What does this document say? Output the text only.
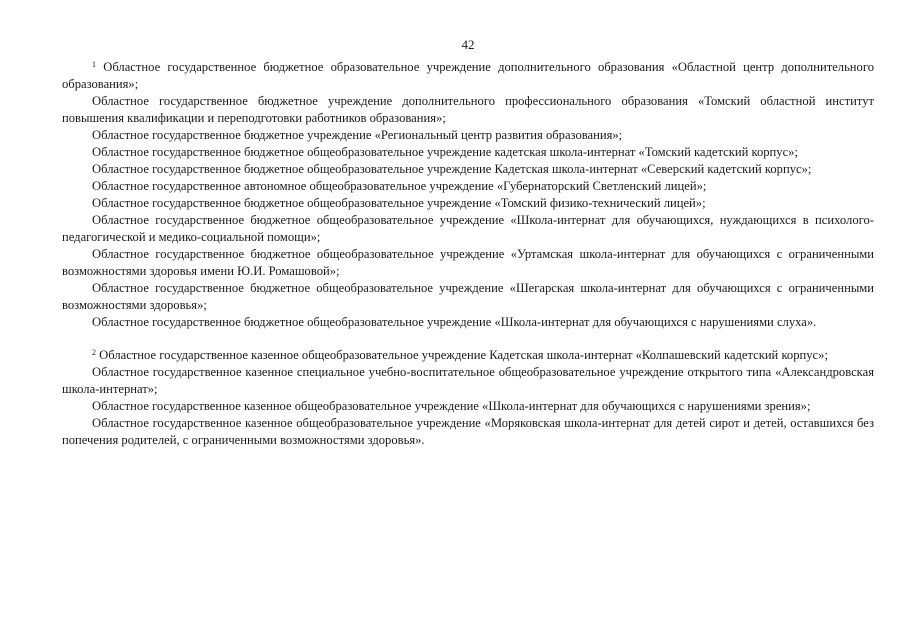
42

$^1$ Областное государственное бюджетное образовательное учреждение дополнительного образования «Областной центр дополнительного образования»;

Областное государственное бюджетное учреждение дополнительного профессионального образования «Томский областной институт повышения квалификации и переподготовки работников образования»;

Областное государственное бюджетное учреждение «Региональный центр развития образования»;

Областное государственное бюджетное общеобразовательное учреждение кадетская школа-интернат «Томский кадетский корпус»;

Областное государственное бюджетное общеобразовательное учреждение Кадетская школа-интернат «Северский кадетский корпус»;

Областное государственное автономное общеобразовательное учреждение «Губернаторский Светленский лицей»;

Областное государственное бюджетное общеобразовательное учреждение «Томский физико-технический лицей»;

Областное государственное бюджетное общеобразовательное учреждение «Школа-интернат для обучающихся, нуждающихся в психолого-педагогической и медико-социальной помощи»;

Областное государственное бюджетное общеобразовательное учреждение «Уртамская школа-интернат для обучающихся с ограниченными возможностями здоровья имени Ю.И. Ромашовой»;

Областное государственное бюджетное общеобразовательное учреждение «Шегарская школа-интернат для обучающихся с ограниченными возможностями здоровья»;

Областное государственное бюджетное общеобразовательное учреждение «Школа-интернат для обучающихся с нарушениями слуха».

$^2$ Областное государственное казенное общеобразовательное учреждение Кадетская школа-интернат «Колпашевский кадетский корпус»;

Областное государственное казенное специальное учебно-воспитательное общеобразовательное учреждение открытого типа «Александровская школа-интернат»;

Областное государственное казенное общеобразовательное учреждение «Школа-интернат для обучающихся с нарушениями зрения»;

Областное государственное казенное общеобразовательное учреждение «Моряковская школа-интернат для детей сирот и детей, оставшихся без попечения родителей, с ограниченными возможностями здоровья».
